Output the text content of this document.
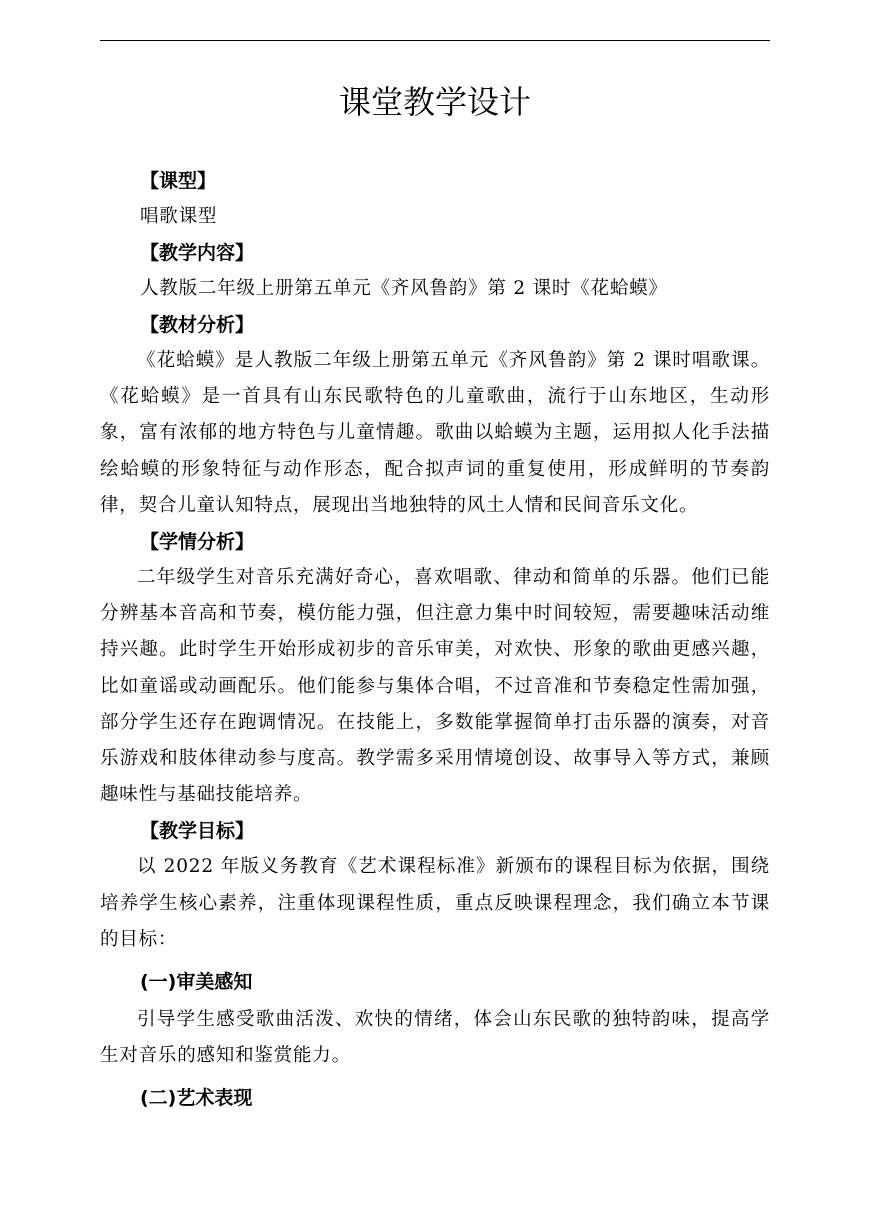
课堂教学设计
【课型】
唱歌课型
【教学内容】
人教版二年级上册第五单元《齐风鲁韵》第 2 课时《花蛤蟆》
【教材分析】

《花蛤蟆》是人教版二年级上册第五单元《齐风鲁韵》第 2 课时唱歌课。《花蛤蟆》是一首具有山东民歌特色的儿童歌曲，流行于山东地区，生动形象，富有浓郁的地方特色与儿童情趣。歌曲以蛤蟆为主题，运用拟人化手法描绘蛤蟆的形象特征与动作形态，配合拟声词的重复使用，形成鲜明的节奏韵律，契合儿童认知特点，展现出当地独特的风土人情和民间音乐文化。

【学情分析】

二年级学生对音乐充满好奇心，喜欢唱歌、律动和简单的乐器。他们已能分辨基本音高和节奏，模仿能力强，但注意力集中时间较短，需要趣味活动维持兴趣。此时学生开始形成初步的音乐审美，对欢快、形象的歌曲更感兴趣，比如童谣或动画配乐。他们能参与集体合唱，不过音准和节奏稳定性需加强，部分学生还存在跑调情况。在技能上，多数能掌握简单打击乐器的演奏，对音乐游戏和肢体律动参与度高。教学需多采用情境创设、故事导入等方式，兼顾趣味性与基础技能培养。

【教学目标】

以 2022 年版义务教育《艺术课程标准》新颁布的课程目标为依据，围绕培养学生核心素养，注重体现课程性质，重点反映课程理念，我们确立本节课的目标：

(一)审美感知

引导学生感受歌曲活泼、欢快的情绪，体会山东民歌的独特韵味，提高学生对音乐的感知和鉴赏能力。

(二)艺术表现
